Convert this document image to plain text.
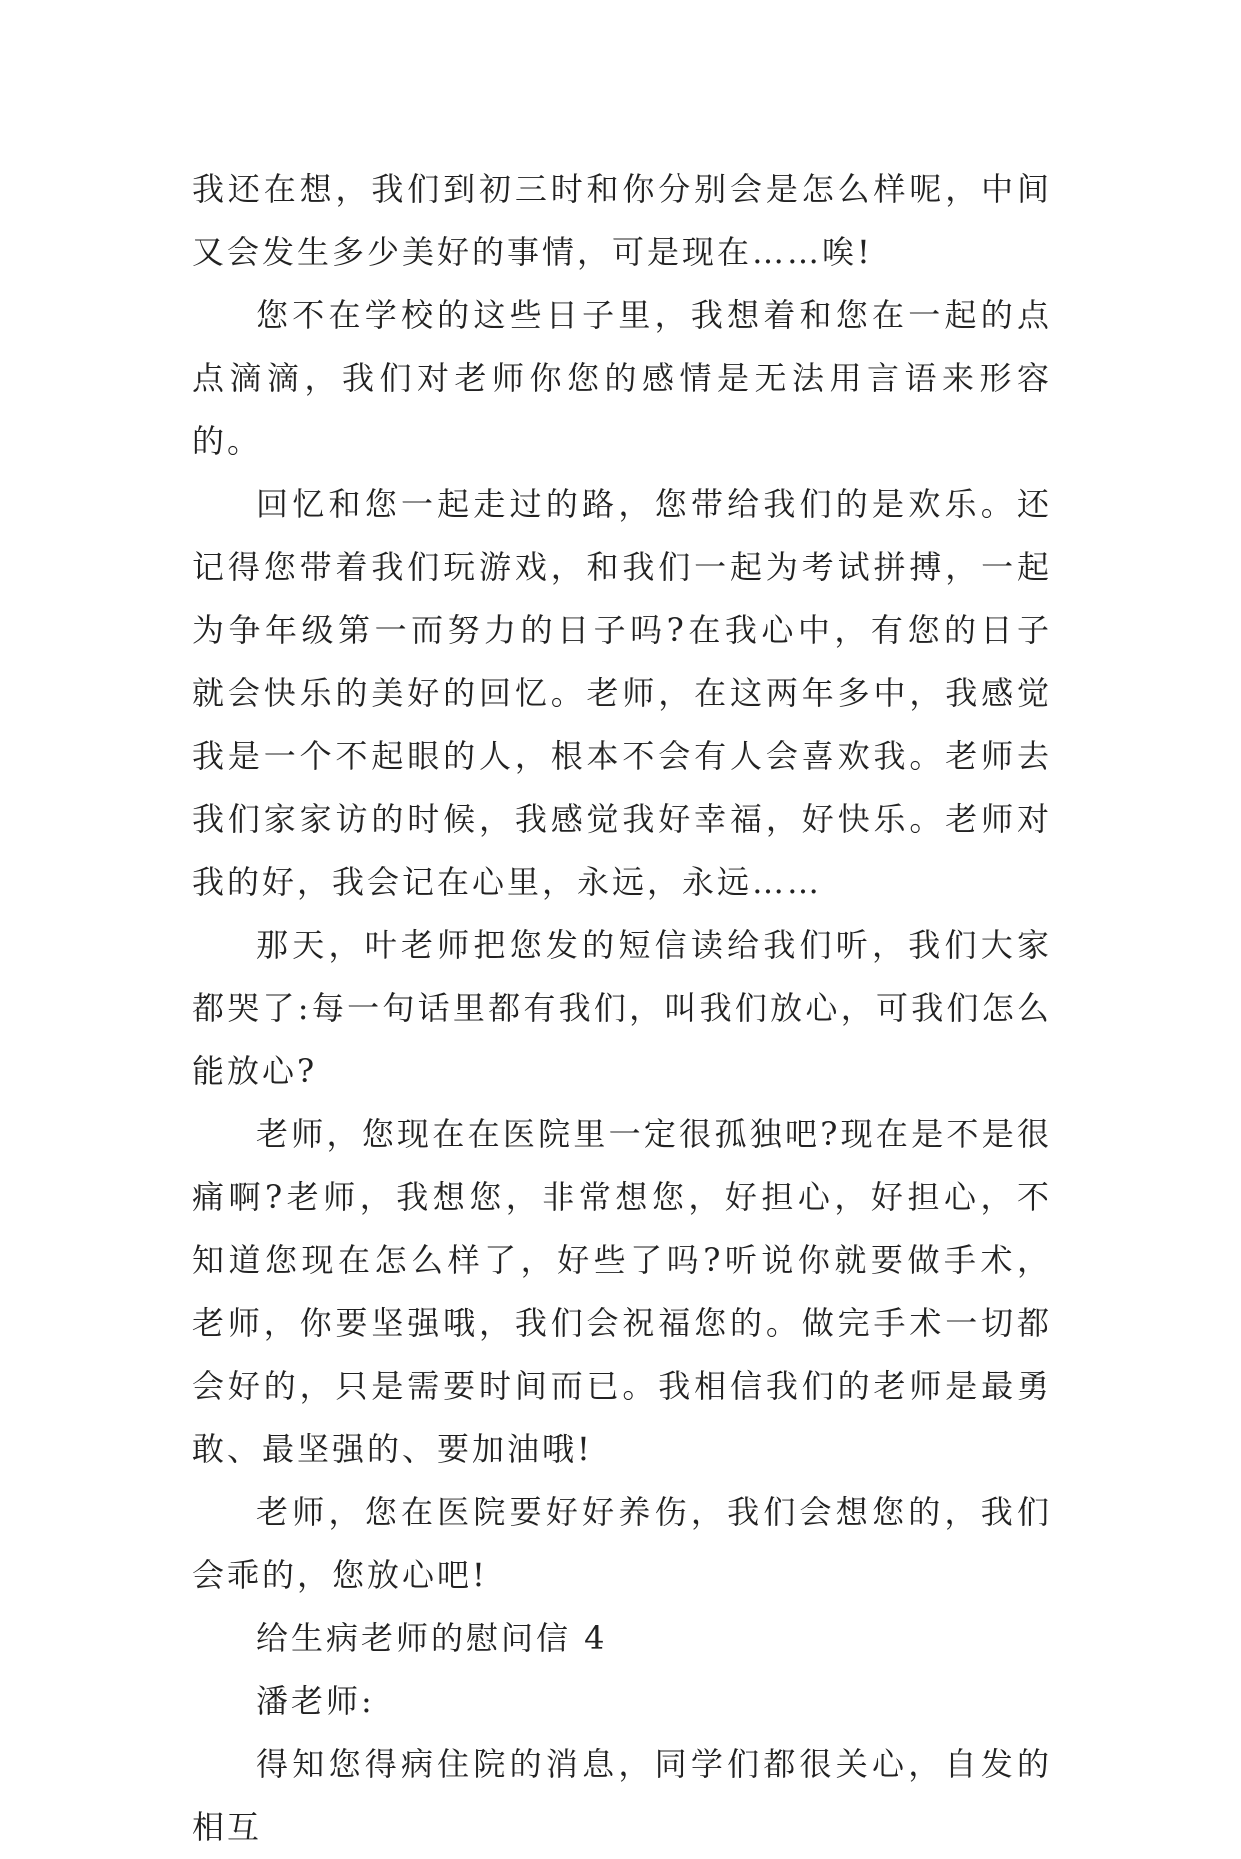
我还在想，我们到初三时和你分别会是怎么样呢，中间又会发生多少美好的事情，可是现在……唉!

您不在学校的这些日子里，我想着和您在一起的点点滴滴，我们对老师你您的感情是无法用言语来形容的。

回忆和您一起走过的路，您带给我们的是欢乐。还记得您带着我们玩游戏，和我们一起为考试拼搏，一起为争年级第一而努力的日子吗?在我心中，有您的日子就会快乐的美好的回忆。老师，在这两年多中，我感觉我是一个不起眼的人，根本不会有人会喜欢我。老师去我们家家访的时候，我感觉我好幸福，好快乐。老师对我的好，我会记在心里，永远，永远……

那天，叶老师把您发的短信读给我们听，我们大家都哭了:每一句话里都有我们，叫我们放心，可我们怎么能放心?

老师，您现在在医院里一定很孤独吧?现在是不是很痛啊?老师，我想您，非常想您，好担心，好担心，不知道您现在怎么样了，好些了吗?听说你就要做手术，老师，你要坚强哦，我们会祝福您的。做完手术一切都会好的，只是需要时间而已。我相信我们的老师是最勇敢、最坚强的、要加油哦!

老师，您在医院要好好养伤，我们会想您的，我们会乖的，您放心吧!

给生病老师的慰问信 4

潘老师:

得知您得病住院的消息，同学们都很关心，自发的相互
